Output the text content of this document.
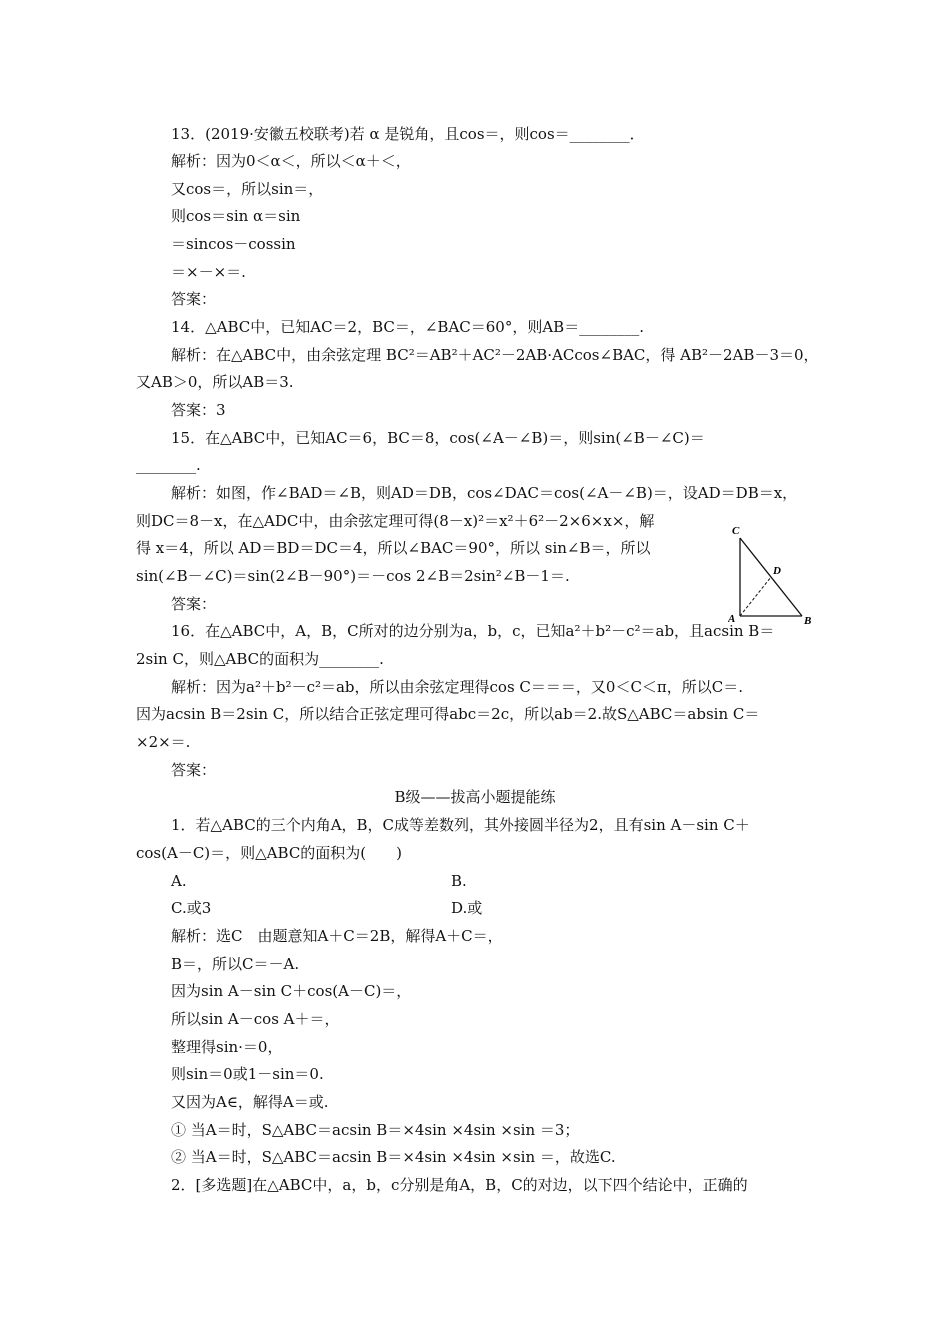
13．(2019·安徽五校联考)若 α 是锐角，且cos＝，则cos＝________．
解析：因为0＜α＜，所以＜α＋＜，
又cos＝，所以sin＝，
则cos＝sin α＝sin
＝sincos－cossin
＝×－×＝.
答案：
14．△ABC中，已知AC＝2，BC＝，∠BAC＝60°，则AB＝________.
解析：在△ABC中，由余弦定理 BC²＝AB²＋AC²－2AB·ACcos∠BAC，得 AB²－2AB－3＝0，
又AB＞0，所以AB＝3.
答案：3
15．在△ABC中，已知AC＝6，BC＝8，cos(∠A－∠B)＝，则sin(∠B－∠C)＝
________.
解析：如图，作∠BAD＝∠B，则AD＝DB，cos∠DAC＝cos(∠A－∠B)＝，设AD＝DB＝x，
则DC＝8－x，在△ADC中，由余弦定理可得(8－x)²＝x²＋6²－2×6×x×，解
得 x＝4，所以 AD＝BD＝DC＝4，所以∠BAC＝90°，所以 sin∠B＝，所以
sin(∠B－∠C)＝sin(2∠B－90°)＝－cos 2∠B＝2sin²∠B－1＝.
答案：
16．在△ABC中，A，B，C所对的边分别为a，b，c，已知a²＋b²－c²＝ab，且acsin B＝
2sin C，则△ABC的面积为________.
解析：因为a²＋b²－c²＝ab，所以由余弦定理得cos C＝＝＝，又0＜C＜π，所以C＝.
因为acsin B＝2sin C，所以结合正弦定理可得abc＝2c，所以ab＝2.故S△ABC＝absin C＝
×2×＝.
答案：
1．若△ABC的三个内角A，B，C成等差数列，其外接圆半径为2，且有sin A－sin C＋
cos(A－C)＝，则△ABC的面积为(　　)
A.	B.
C.或3	D.或
解析：选C　由题意知A＋C＝2B，解得A＋C＝，
B＝，所以C＝－A.
因为sin A－sin C＋cos(A－C)＝，
所以sin A－cos A＋＝，
整理得sin·＝0，
则sin＝0或1－sin＝0.
又因为A∈，解得A＝或.
① 当A＝时，S△ABC＝acsin B＝×4sin ×4sin ×sin ＝3；
② 当A＝时，S△ABC＝acsin B＝×4sin ×4sin ×sin ＝，故选C.
2．[多选题]在△ABC中，a，b，c分别是角A，B，C的对边，以下四个结论中，正确的
B级——拔高小题提能练
C
D
A	B
